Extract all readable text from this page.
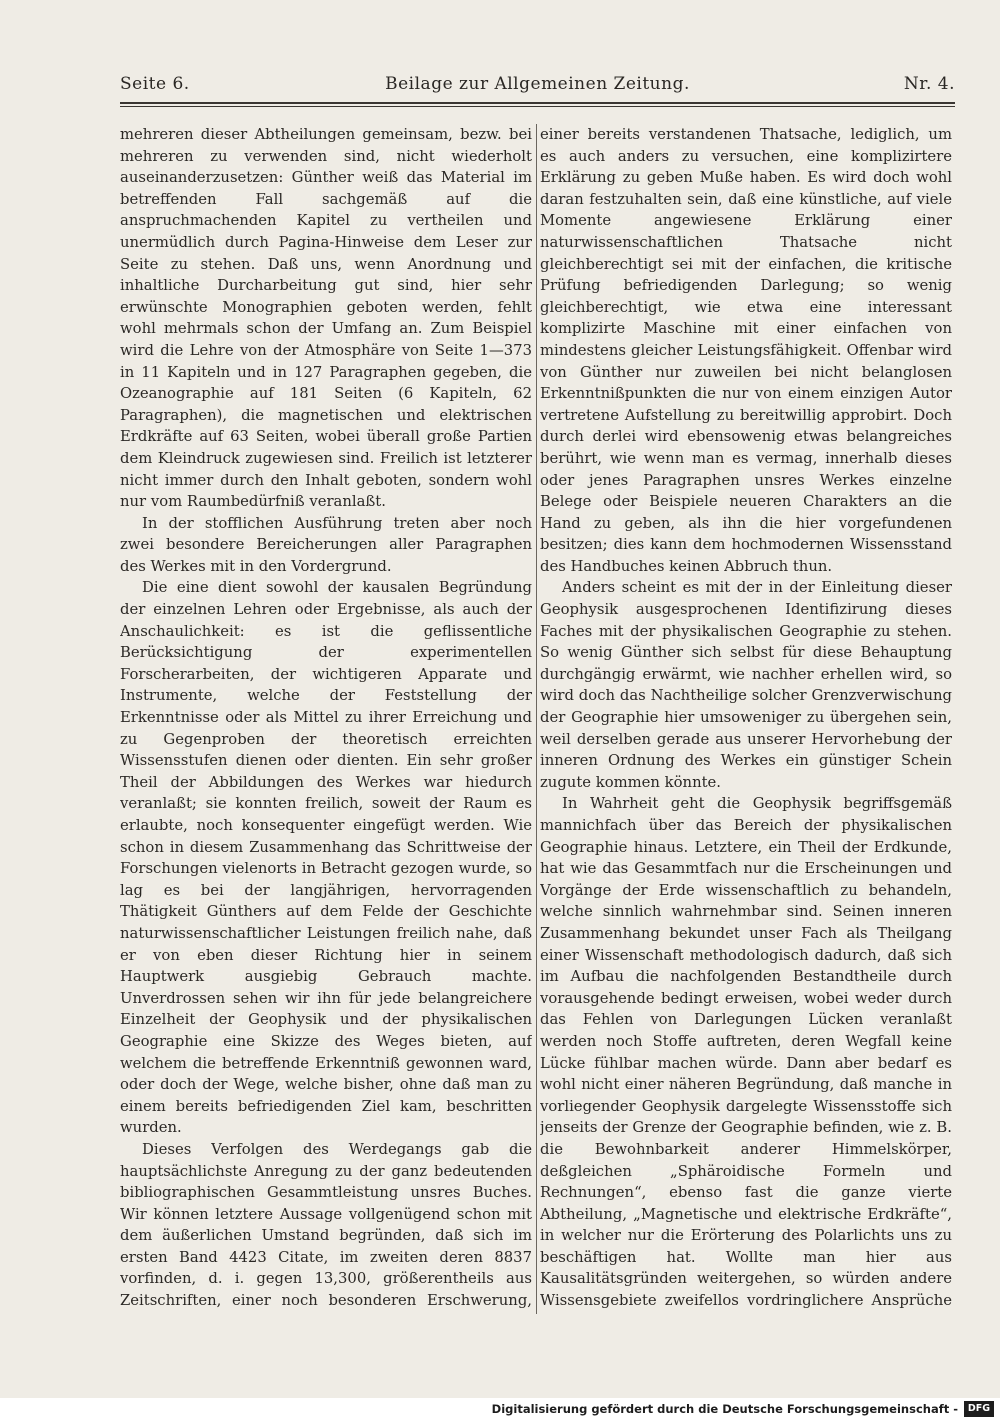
Seite 6.	Beilage zur Allgemeinen Zeitung.	Nr. 4.

mehreren dieser Abtheilungen gemeinsam, bezw. bei mehreren zu verwenden sind, nicht wiederholt auseinanderzusetzen: Günther weiß das Material im betreffenden Fall sachgemäß auf die anspruchmachenden Kapitel zu vertheilen und unermüdlich durch Pagina-Hinweise dem Leser zur Seite zu stehen. Daß uns, wenn Anordnung und inhaltliche Durcharbeitung gut sind, hier sehr erwünschte Monographien geboten werden, fehlt wohl mehrmals schon der Umfang an. Zum Beispiel wird die Lehre von der Atmosphäre von Seite 1—373 in 11 Kapiteln und in 127 Paragraphen gegeben, die Ozeanographie auf 181 Seiten (6 Kapiteln, 62 Paragraphen), die magnetischen und elektrischen Erdkräfte auf 63 Seiten, wobei überall große Partien dem Kleindruck zugewiesen sind. Freilich ist letzterer nicht immer durch den Inhalt geboten, sondern wohl nur vom Raumbedürfniß veranlaßt.

In der stofflichen Ausführung treten aber noch zwei besondere Bereicherungen aller Paragraphen des Werkes mit in den Vordergrund.

Die eine dient sowohl der kausalen Begründung der einzelnen Lehren oder Ergebnisse, als auch der Anschaulichkeit: es ist die geflissentliche Berücksichtigung der experimentellen Forscherarbeiten, der wichtigeren Apparate und Instrumente, welche der Feststellung der Erkenntnisse oder als Mittel zu ihrer Erreichung und zu Gegenproben der theoretisch erreichten Wissensstufen dienen oder dienten. Ein sehr großer Theil der Abbildungen des Werkes war hiedurch veranlaßt; sie konnten freilich, soweit der Raum es erlaubte, noch konsequenter eingefügt werden. Wie schon in diesem Zusammenhang das Schrittweise der Forschungen vielenorts in Betracht gezogen wurde, so lag es bei der langjährigen, hervorragenden Thätigkeit Günthers auf dem Felde der Geschichte naturwissenschaftlicher Leistungen freilich nahe, daß er von eben dieser Richtung hier in seinem Hauptwerk ausgiebig Gebrauch machte. Unverdrossen sehen wir ihn für jede belangreichere Einzelheit der Geophysik und der physikalischen Geographie eine Skizze des Weges bieten, auf welchem die betreffende Erkenntniß gewonnen ward, oder doch der Wege, welche bisher, ohne daß man zu einem bereits befriedigenden Ziel kam, beschritten wurden.

Dieses Verfolgen des Werdegangs gab die hauptsächlichste Anregung zu der ganz bedeutenden bibliographischen Gesammtleistung unsres Buches. Wir können letztere Aussage vollgenügend schon mit dem äußerlichen Umstand begründen, daß sich im ersten Band 4423 Citate, im zweiten deren 8837 vorfinden, d. i. gegen 13,300, größerentheils aus Zeitschriften, einer noch besonderen Erschwerung,

einer bereits verstandenen Thatsache, lediglich, um es auch anders zu versuchen, eine komplizirtere Erklärung zu geben Muße haben. Es wird doch wohl daran festzuhalten sein, daß eine künstliche, auf viele Momente angewiesene Erklärung einer naturwissenschaftlichen Thatsache nicht gleichberechtigt sei mit der einfachen, die kritische Prüfung befriedigenden Darlegung; so wenig gleichberechtigt, wie etwa eine interessant komplizirte Maschine mit einer einfachen von mindestens gleicher Leistungsfähigkeit. Offenbar wird von Günther nur zuweilen bei nicht belanglosen Erkenntnißpunkten die nur von einem einzigen Autor vertretene Aufstellung zu bereitwillig approbirt. Doch durch derlei wird ebensowenig etwas belangreiches berührt, wie wenn man es vermag, innerhalb dieses oder jenes Paragraphen unsres Werkes einzelne Belege oder Beispiele neueren Charakters an die Hand zu geben, als ihn die hier vorgefundenen besitzen; dies kann dem hochmodernen Wissensstand des Handbuches keinen Abbruch thun.

Anders scheint es mit der in der Einleitung dieser Geophysik ausgesprochenen Identifizirung dieses Faches mit der physikalischen Geographie zu stehen. So wenig Günther sich selbst für diese Behauptung durchgängig erwärmt, wie nachher erhellen wird, so wird doch das Nachtheilige solcher Grenzverwischung der Geographie hier umsoweniger zu übergehen sein, weil derselben gerade aus unserer Hervorhebung der inneren Ordnung des Werkes ein günstiger Schein zugute kommen könnte.

In Wahrheit geht die Geophysik begriffsgemäß mannichfach über das Bereich der physikalischen Geographie hinaus. Letztere, ein Theil der Erdkunde, hat wie das Gesammtfach nur die Erscheinungen und Vorgänge der Erde wissenschaftlich zu behandeln, welche sinnlich wahrnehmbar sind. Seinen inneren Zusammenhang bekundet unser Fach als Theilgang einer Wissenschaft methodologisch dadurch, daß sich im Aufbau die nachfolgenden Bestandtheile durch vorausgehende bedingt erweisen, wobei weder durch das Fehlen von Darlegungen Lücken veranlaßt werden noch Stoffe auftreten, deren Wegfall keine Lücke fühlbar machen würde. Dann aber bedarf es wohl nicht einer näheren Begründung, daß manche in vorliegender Geophysik dargelegte Wissensstoffe sich jenseits der Grenze der Geographie befinden, wie z. B. die Bewohnbarkeit anderer Himmelskörper, deßgleichen „Sphäroidische Formeln und Rechnungen“, ebenso fast die ganze vierte Abtheilung, „Magnetische und elektrische Erdkräfte“, in welcher nur die Erörterung des Polarlichts uns zu beschäftigen hat. Wollte man hier aus Kausalitätsgründen weitergehen, so würden andere Wissensgebiete zweifellos vordringlichere Ansprüche

Digitalisierung gefördert durch die Deutsche Forschungsgemeinschaft -	DFG
